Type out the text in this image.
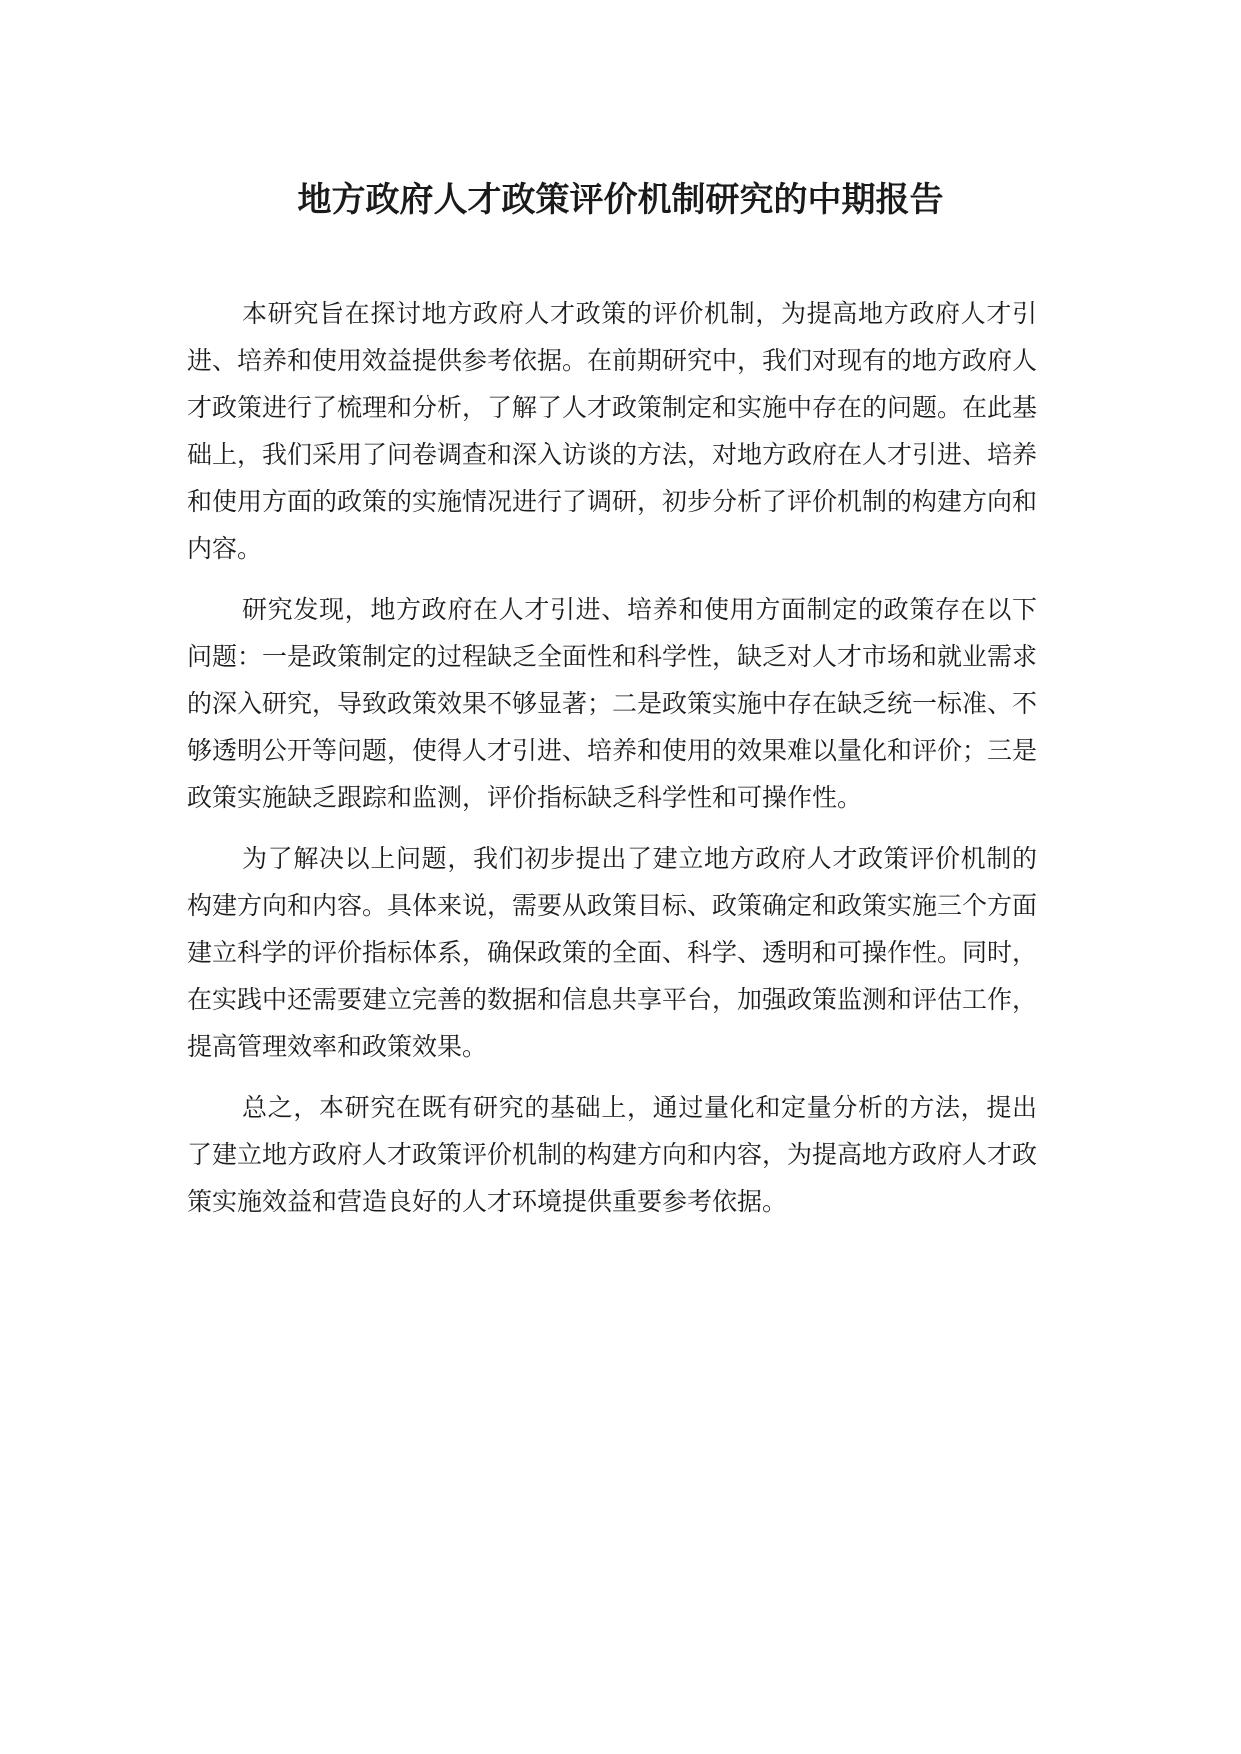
地方政府人才政策评价机制研究的中期报告

本研究旨在探讨地方政府人才政策的评价机制，为提高地方政府人才引进、培养和使用效益提供参考依据。在前期研究中，我们对现有的地方政府人才政策进行了梳理和分析，了解了人才政策制定和实施中存在的问题。在此基础上，我们采用了问卷调查和深入访谈的方法，对地方政府在人才引进、培养和使用方面的政策的实施情况进行了调研，初步分析了评价机制的构建方向和内容。

研究发现，地方政府在人才引进、培养和使用方面制定的政策存在以下问题：一是政策制定的过程缺乏全面性和科学性，缺乏对人才市场和就业需求的深入研究，导致政策效果不够显著；二是政策实施中存在缺乏统一标准、不够透明公开等问题，使得人才引进、培养和使用的效果难以量化和评价；三是政策实施缺乏跟踪和监测，评价指标缺乏科学性和可操作性。

为了解决以上问题，我们初步提出了建立地方政府人才政策评价机制的构建方向和内容。具体来说，需要从政策目标、政策确定和政策实施三个方面建立科学的评价指标体系，确保政策的全面、科学、透明和可操作性。同时，在实践中还需要建立完善的数据和信息共享平台，加强政策监测和评估工作，提高管理效率和政策效果。

总之，本研究在既有研究的基础上，通过量化和定量分析的方法，提出了建立地方政府人才政策评价机制的构建方向和内容，为提高地方政府人才政策实施效益和营造良好的人才环境提供重要参考依据。
